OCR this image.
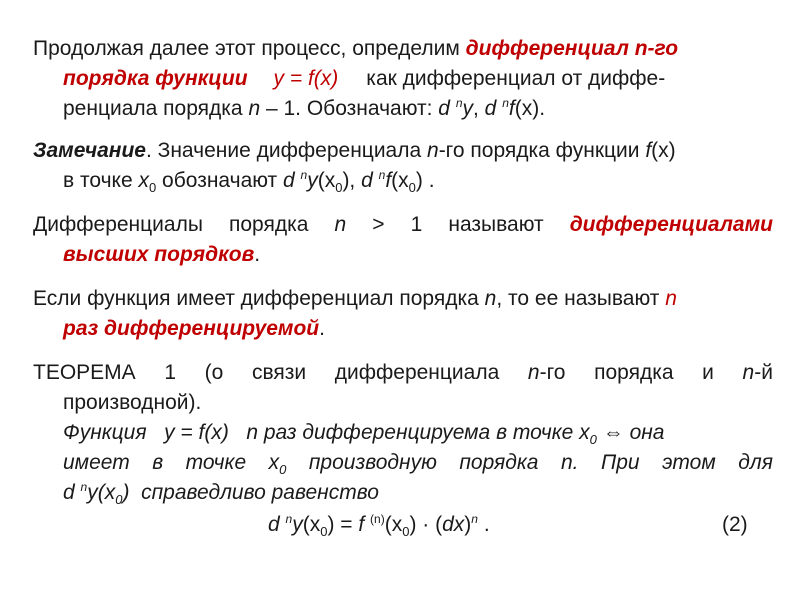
Продолжая далее этот процесс, определим дифференциал n-го
порядка функции y = f(x) как дифференциал от диффе-
ренциала порядка n – 1. Обозначают: d $^n$y, d $^n$f(x).
Замечание. Значение дифференциала n-го порядка функции f(x)
в точке $x_0$ обозначают d $^ny(x_0)$, d $^nf(x_0)$ .
Дифференциалы порядка n > 1 называют дифференциалами
высших порядков.
Если функция имеет дифференциал порядка n, то ее называют n
раз дифференцируемой.
ТЕОРЕМА 1 (о связи дифференциала n-го порядка и n-й
производной).
Функция   y = f(x)   n раз дифференцируема в точке $x_0$ ⇔ она
имеет в точке $x_0$ производную порядка n. При этом для
d $^ny(x_0)$  справедливо равенство
d $^ny(x_0) = f$ $^{(n)}(x_0) \cdot (dx)^n$ .	(2)
